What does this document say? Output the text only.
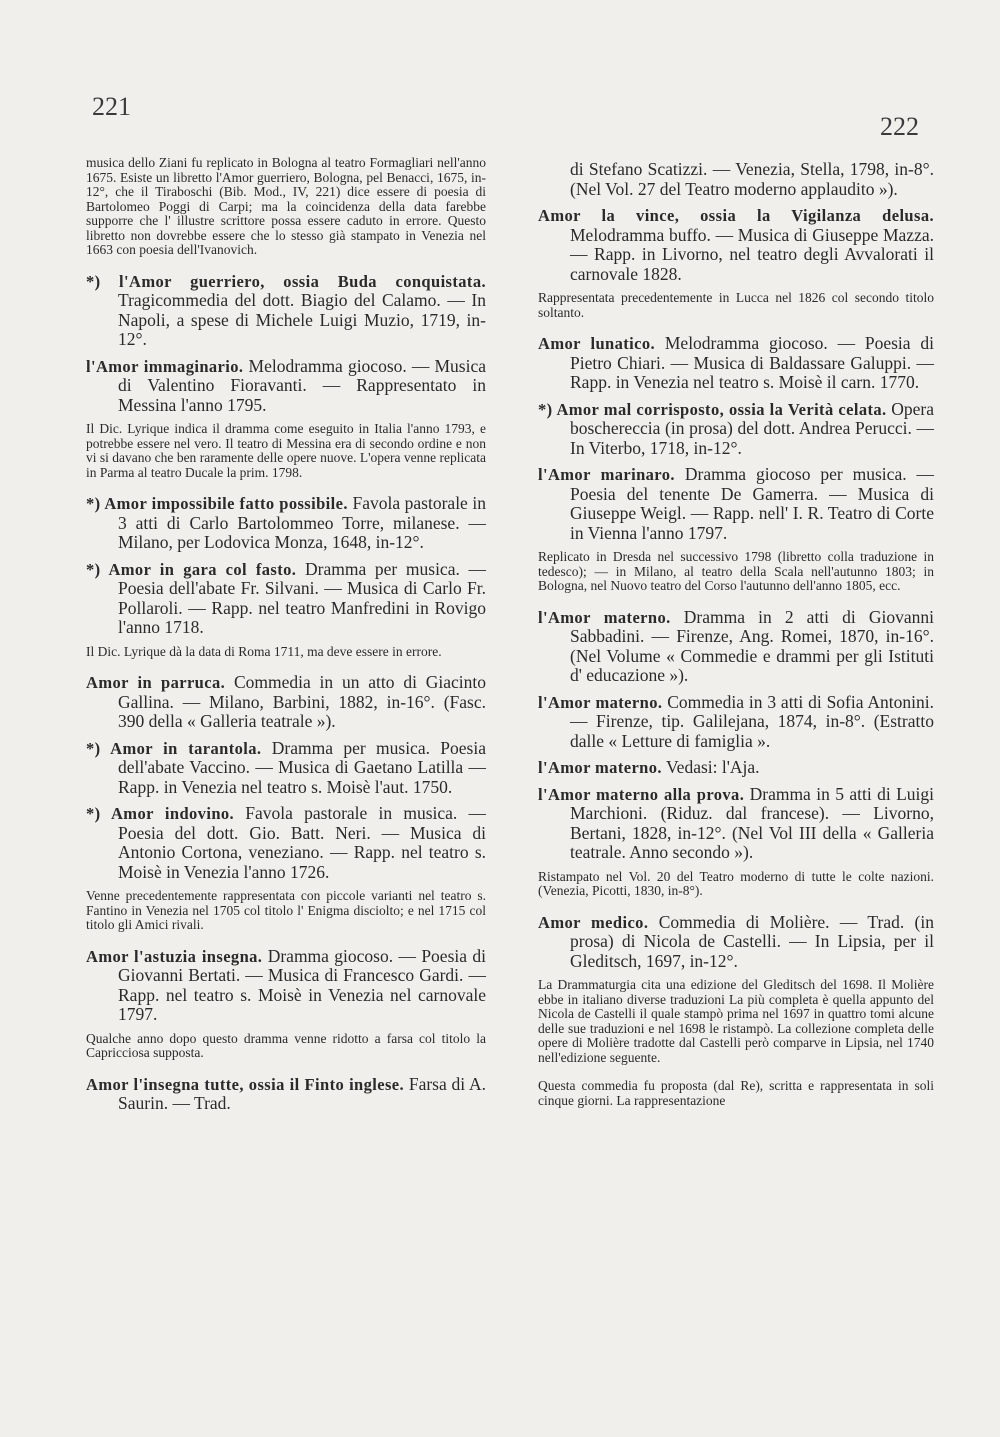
221
222

musica dello Ziani fu replicato in Bologna al teatro Formagliari nell'anno 1675. Esiste un libretto l'Amor guerriero, Bologna, pel Benacci, 1675, in-12°, che il Tiraboschi (Bib. Mod., IV, 221) dice essere di poesia di Bartolomeo Poggi di Carpi; ma la coincidenza della data farebbe supporre che l' illustre scrittore possa essere caduto in errore. Questo libretto non dovrebbe essere che lo stesso già stampato in Venezia nel 1663 con poesia dell'Ivanovich.

*) l'Amor guerriero, ossia Buda conquistata. Tragicommedia del dott. Biagio del Calamo. — In Napoli, a spese di Michele Luigi Muzio, 1719, in-12°.

l'Amor immaginario. Melodramma giocoso. — Musica di Valentino Fioravanti. — Rappresentato in Messina l'anno 1795.

Il Dic. Lyrique indica il dramma come eseguito in Italia l'anno 1793, e potrebbe essere nel vero. Il teatro di Messina era di secondo ordine e non vi si davano che ben raramente delle opere nuove. L'opera venne replicata in Parma al teatro Ducale la prim. 1798.

*) Amor impossibile fatto possibile. Favola pastorale in 3 atti di Carlo Bartolommeo Torre, milanese. — Milano, per Lodovica Monza, 1648, in-12°.

*) Amor in gara col fasto. Dramma per musica. — Poesia dell'abate Fr. Silvani. — Musica di Carlo Fr. Pollaroli. — Rapp. nel teatro Manfredini in Rovigo l'anno 1718.

Il Dic. Lyrique dà la data di Roma 1711, ma deve essere in errore.

Amor in parruca. Commedia in un atto di Giacinto Gallina. — Milano, Barbini, 1882, in-16°. (Fasc. 390 della « Galleria teatrale »).

*) Amor in tarantola. Dramma per musica. Poesia dell'abate Vaccino. — Musica di Gaetano Latilla — Rapp. in Venezia nel teatro s. Moisè l'aut. 1750.

*) Amor indovino. Favola pastorale in musica. — Poesia del dott. Gio. Batt. Neri. — Musica di Antonio Cortona, veneziano. — Rapp. nel teatro s. Moisè in Venezia l'anno 1726.

Venne precedentemente rappresentata con piccole varianti nel teatro s. Fantino in Venezia nel 1705 col titolo l' Enigma disciolto; e nel 1715 col titolo gli Amici rivali.

Amor l'astuzia insegna. Dramma giocoso. — Poesia di Giovanni Bertati. — Musica di Francesco Gardi. — Rapp. nel teatro s. Moisè in Venezia nel carnovale 1797.

Qualche anno dopo questo dramma venne ridotto a farsa col titolo la Capricciosa supposta.

Amor l'insegna tutte, ossia il Finto inglese. Farsa di A. Saurin. — Trad.

di Stefano Scatizzi. — Venezia, Stella, 1798, in-8°. (Nel Vol. 27 del Teatro moderno applaudito »).

Amor la vince, ossia la Vigilanza delusa. Melodramma buffo. — Musica di Giuseppe Mazza. — Rapp. in Livorno, nel teatro degli Avvalorati il carnovale 1828.

Rappresentata precedentemente in Lucca nel 1826 col secondo titolo soltanto.

Amor lunatico. Melodramma giocoso. — Poesia di Pietro Chiari. — Musica di Baldassare Galuppi. — Rapp. in Venezia nel teatro s. Moisè il carn. 1770.

*) Amor mal corrisposto, ossia la Verità celata. Opera boschereccia (in prosa) del dott. Andrea Perucci. — In Viterbo, 1718, in-12°.

l'Amor marinaro. Dramma giocoso per musica. — Poesia del tenente De Gamerra. — Musica di Giuseppe Weigl. — Rapp. nell' I. R. Teatro di Corte in Vienna l'anno 1797.

Replicato in Dresda nel successivo 1798 (libretto colla traduzione in tedesco); — in Milano, al teatro della Scala nell'autunno 1803; in Bologna, nel Nuovo teatro del Corso l'autunno dell'anno 1805, ecc.

l'Amor materno. Dramma in 2 atti di Giovanni Sabbadini. — Firenze, Ang. Romei, 1870, in-16°. (Nel Volume « Commedie e drammi per gli Istituti d' educazione »).

l'Amor materno. Commedia in 3 atti di Sofia Antonini. — Firenze, tip. Galilejana, 1874, in-8°. (Estratto dalle « Letture di famiglia ».

l'Amor materno. Vedasi: l'Aja.

l'Amor materno alla prova. Dramma in 5 atti di Luigi Marchioni. (Riduz. dal francese). — Livorno, Bertani, 1828, in-12°. (Nel Vol III della « Galleria teatrale. Anno secondo »).

Ristampato nel Vol. 20 del Teatro moderno di tutte le colte nazioni. (Venezia, Picotti, 1830, in-8°).

Amor medico. Commedia di Molière. — Trad. (in prosa) di Nicola de Castelli. — In Lipsia, per il Gleditsch, 1697, in-12°.

La Drammaturgia cita una edizione del Gleditsch del 1698. Il Molière ebbe in italiano diverse traduzioni La più completa è quella appunto del Nicola de Castelli il quale stampò prima nel 1697 in quattro tomi alcune delle sue traduzioni e nel 1698 le ristampò. La collezione completa delle opere di Molière tradotte dal Castelli però comparve in Lipsia, nel 1740 nell'edizione seguente.

Questa commedia fu proposta (dal Re), scritta e rappresentata in soli cinque giorni. La rappresentazione
